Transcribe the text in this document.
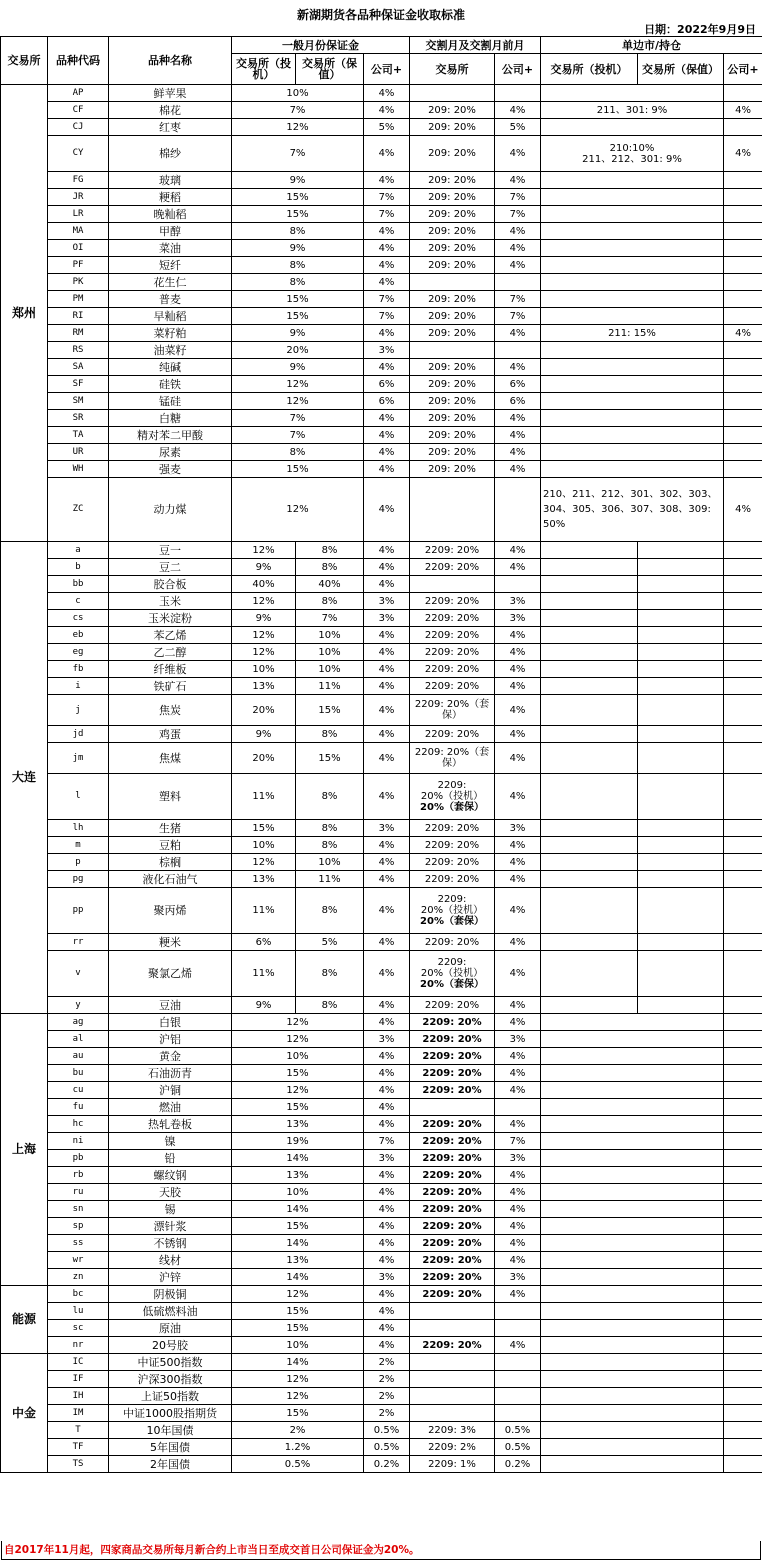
新湖期货各品种保证金收取标准
日期：2022年9月9日
交易所	品种代码	品种名称	一般月份保证金			交割月及交割月前月		单边市/持仓		
			交易所（投机）	交易所（保值）	公司+	交易所	公司+	交易所（投机）	交易所（保值）	公司+
郑州	AP	鲜苹果	10%		4%					
	CF	棉花	7%		4%	209: 20%	4%	211、301: 9%		4%
	CJ	红枣	12%		5%	209: 20%	5%			
	CY	棉纱	7%		4%	209: 20%	4%	210:10%
211、212、301: 9%		4%
	FG	玻璃	9%		4%	209: 20%	4%			
	JR	粳稻	15%		7%	209: 20%	7%			
	LR	晚籼稻	15%		7%	209: 20%	7%			
	MA	甲醇	8%		4%	209: 20%	4%			
	OI	菜油	9%		4%	209: 20%	4%			
	PF	短纤	8%		4%	209: 20%	4%			
	PK	花生仁	8%		4%					
	PM	普麦	15%		7%	209: 20%	7%			
	RI	早籼稻	15%		7%	209: 20%	7%			
	RM	菜籽粕	9%		4%	209: 20%	4%	211: 15%		4%
	RS	油菜籽	20%		3%					
	SA	纯碱	9%		4%	209: 20%	4%			
	SF	硅铁	12%		6%	209: 20%	6%			
	SM	锰硅	12%		6%	209: 20%	6%			
	SR	白糖	7%		4%	209: 20%	4%			
	TA	精对苯二甲酸	7%		4%	209: 20%	4%			
	UR	尿素	8%		4%	209: 20%	4%			
	WH	强麦	15%		4%	209: 20%	4%			
	ZC	动力煤	12%		4%			210、211、212、301、302、303、304、305、306、307、308、309: 50%		4%
大连	a	豆一	12%	8%	4%	2209: 20%	4%			
	b	豆二	9%	8%	4%	2209: 20%	4%			
	bb	胶合板	40%	40%	4%					
	c	玉米	12%	8%	3%	2209: 20%	3%			
	cs	玉米淀粉	9%	7%	3%	2209: 20%	3%			
	eb	苯乙烯	12%	10%	4%	2209: 20%	4%			
	eg	乙二醇	12%	10%	4%	2209: 20%	4%			
	fb	纤维板	10%	10%	4%	2209: 20%	4%			
	i	铁矿石	13%	11%	4%	2209: 20%	4%			
	j	焦炭	20%	15%	4%	2209: 20%（套保）	4%			
	jd	鸡蛋	9%	8%	4%	2209: 20%	4%			
	jm	焦煤	20%	15%	4%	2209: 20%（套保）	4%			
	l	塑料	11%	8%	4%	2209:
20%（投机）
20%（套保）	4%			
	lh	生猪	15%	8%	3%	2209: 20%	3%			
	m	豆粕	10%	8%	4%	2209: 20%	4%			
	p	棕榈	12%	10%	4%	2209: 20%	4%			
	pg	液化石油气	13%	11%	4%	2209: 20%	4%			
	pp	聚丙烯	11%	8%	4%	2209:
20%（投机）
20%（套保）	4%			
	rr	粳米	6%	5%	4%	2209: 20%	4%			
	v	聚氯乙烯	11%	8%	4%	2209:
20%（投机）
20%（套保）	4%			
	y	豆油	9%	8%	4%	2209: 20%	4%			
上海	ag	白银	12%		4%	2209: 20%	4%			
	al	沪铝	12%		3%	2209: 20%	3%			
	au	黄金	10%		4%	2209: 20%	4%			
	bu	石油沥青	15%		4%	2209: 20%	4%			
	cu	沪铜	12%		4%	2209: 20%	4%			
	fu	燃油	15%		4%					
	hc	热轧卷板	13%		4%	2209: 20%	4%			
	ni	镍	19%		7%	2209: 20%	7%			
	pb	铅	14%		3%	2209: 20%	3%			
	rb	螺纹钢	13%		4%	2209: 20%	4%			
	ru	天胶	10%		4%	2209: 20%	4%			
	sn	锡	14%		4%	2209: 20%	4%			
	sp	漂针浆	15%		4%	2209: 20%	4%			
	ss	不锈钢	14%		4%	2209: 20%	4%			
	wr	线材	13%		4%	2209: 20%	4%			
	zn	沪锌	14%		3%	2209: 20%	3%			
能源	bc	阴极铜	12%		4%	2209: 20%	4%			
	lu	低硫燃料油	15%		4%					
	sc	原油	15%		4%					
	nr	20号胶	10%		4%	2209: 20%	4%			
中金	IC	中证500指数	14%		2%					
	IF	沪深300指数	12%		2%					
	IH	上证50指数	12%		2%					
	IM	中证1000股指期货	15%		2%					
	T	10年国债	2%		0.5%	2209: 3%	0.5%			
	TF	5年国债	1.2%		0.5%	2209: 2%	0.5%			
	TS	2年国债	0.5%		0.2%	2209: 1%	0.2%			
自2017年11月起，四家商品交易所每月新合约上市当日至成交首日公司保证金为20%。
